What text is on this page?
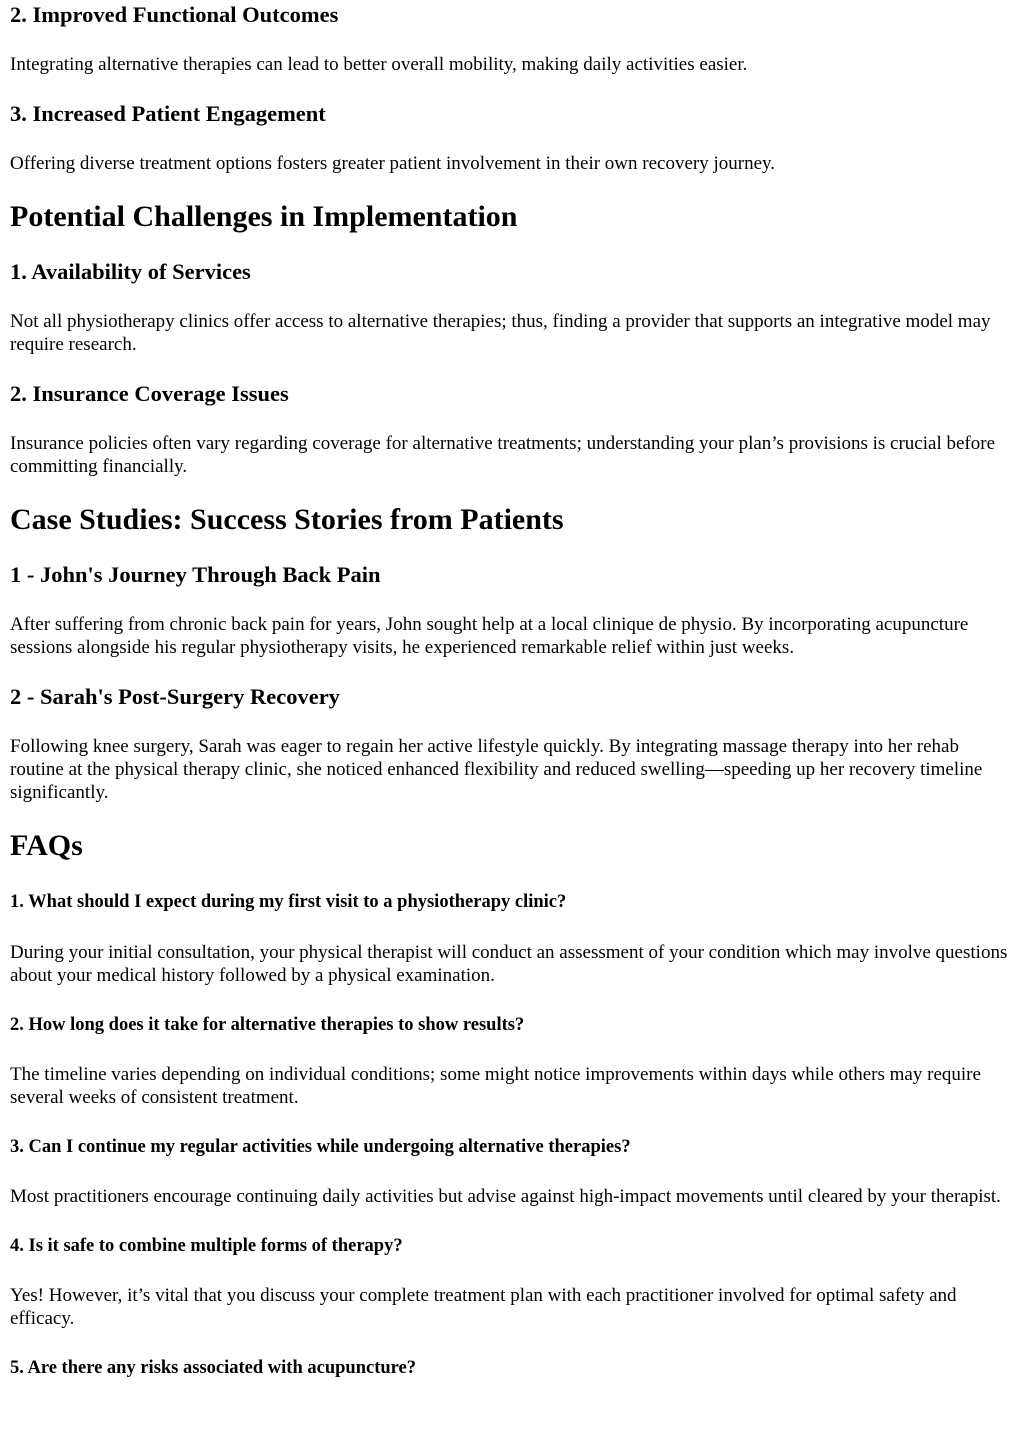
2. Improved Functional Outcomes

Integrating alternative therapies can lead to better overall mobility, making daily activities easier.

3. Increased Patient Engagement

Offering diverse treatment options fosters greater patient involvement in their own recovery journey.

Potential Challenges in Implementation
1. Availability of Services

Not all physiotherapy clinics offer access to alternative therapies; thus, finding a provider that supports an integrative model may require research.

2. Insurance Coverage Issues

Insurance policies often vary regarding coverage for alternative treatments; understanding your plan’s provisions is crucial before committing financially.

Case Studies: Success Stories from Patients
1 - John's Journey Through Back Pain

After suffering from chronic back pain for years, John sought help at a local clinique de physio. By incorporating acupuncture sessions alongside his regular physiotherapy visits, he experienced remarkable relief within just weeks.

2 - Sarah's Post-Surgery Recovery

Following knee surgery, Sarah was eager to regain her active lifestyle quickly. By integrating massage therapy into her rehab routine at the physical therapy clinic, she noticed enhanced flexibility and reduced swelling—speeding up her recovery timeline significantly.

FAQs
1. What should I expect during my first visit to a physiotherapy clinic?

During your initial consultation, your physical therapist will conduct an assessment of your condition which may involve questions about your medical history followed by a physical examination.

2. How long does it take for alternative therapies to show results?

The timeline varies depending on individual conditions; some might notice improvements within days while others may require several weeks of consistent treatment.

3. Can I continue my regular activities while undergoing alternative therapies?

Most practitioners encourage continuing daily activities but advise against high-impact movements until cleared by your therapist.

4. Is it safe to combine multiple forms of therapy?

Yes! However, it’s vital that you discuss your complete treatment plan with each practitioner involved for optimal safety and efficacy.

5. Are there any risks associated with acupuncture?
